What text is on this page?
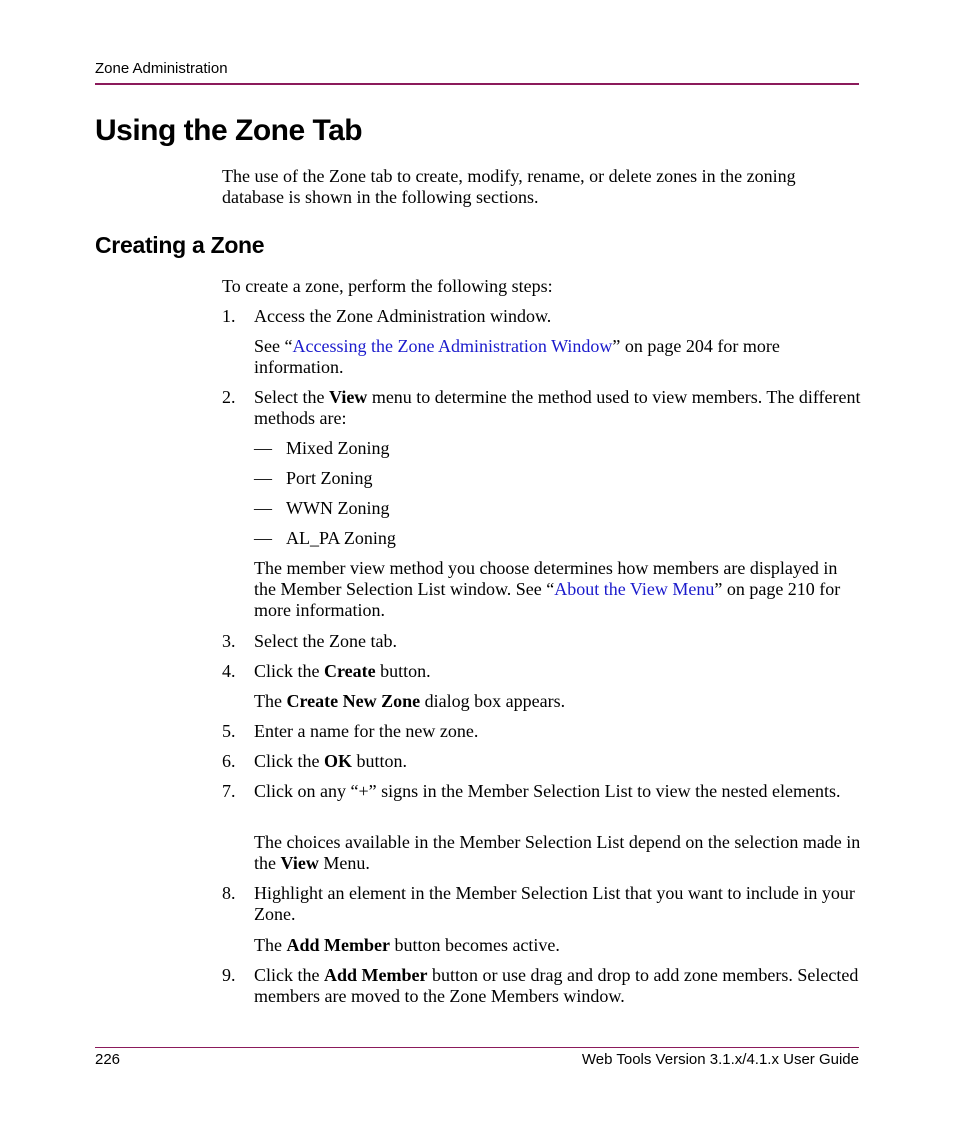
Zone Administration
Using the Zone Tab

The use of the Zone tab to create, modify, rename, or delete zones in the zoning database is shown in the following sections.

Creating a Zone

To create a zone, perform the following steps:

1. Access the Zone Administration window.

See “Accessing the Zone Administration Window” on page 204 for more information.

2. Select the View menu to determine the method used to view members. The different methods are:

— Mixed Zoning
— Port Zoning
— WWN Zoning
— AL_PA Zoning

The member view method you choose determines how members are displayed in the Member Selection List window. See “About the View Menu” on page 210 for more information.

3. Select the Zone tab.

4. Click the Create button.

The Create New Zone dialog box appears.

5. Enter a name for the new zone.

6. Click the OK button.

7. Click on any “+” signs in the Member Selection List to view the nested elements.

The choices available in the Member Selection List depend on the selection made in the View Menu.

8. Highlight an element in the Member Selection List that you want to include in your Zone.

The Add Member button becomes active.

9. Click the Add Member button or use drag and drop to add zone members. Selected members are moved to the Zone Members window.

226	Web Tools Version 3.1.x/4.1.x User Guide
